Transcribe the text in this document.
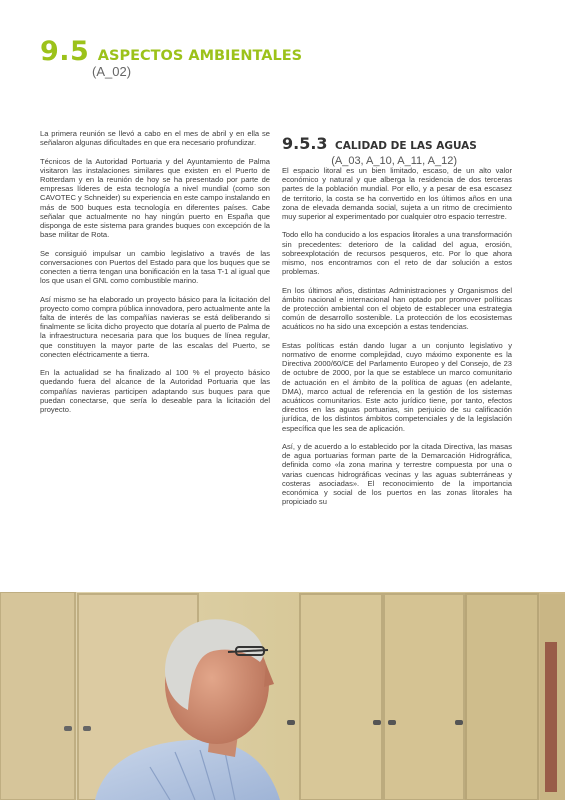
9.5 ASPECTOS AMBIENTALES
(A_02)

La primera reunión se llevó a cabo en el mes de abril y en ella se señalaron algunas dificultades en que era necesario profundizar.

Técnicos de la Autoridad Portuaria y del Ayuntamiento de Palma visitaron las instalaciones similares que existen en el Puerto de Rotterdam y en la reunión de hoy se ha presentado por parte de empresas líderes de esta tecnología a nivel mundial (como son CAVOTEC y Schneider) su experiencia en este campo instalando en más de 500 buques esta tecnología en diferentes países. Cabe señalar que actualmente no hay ningún puerto en España que disponga de este sistema para grandes buques con excepción de la base militar de Rota.

Se consiguió impulsar un cambio legislativo a través de las conversaciones con Puertos del Estado para que los buques que se conecten a tierra tengan una bonificación en la tasa T-1 al igual que los que usan el GNL como combustible marino.

Así mismo se ha elaborado un proyecto básico para la licitación del proyecto como compra pública innovadora, pero actualmente ante la falta de interés de las compañías navieras se está deliberando si finalmente se licita dicho proyecto que dotaría al puerto de Palma de la infraestructura necesaria para que los buques de línea regular, que constituyen la mayor parte de las escalas del Puerto, se conecten eléctricamente a tierra.

En la actualidad se ha finalizado al 100 % el proyecto básico quedando fuera del alcance de la Autoridad Portuaria que las compañías navieras participen adaptando sus buques para que puedan conectarse, que sería lo deseable para la licitación del proyecto.

9.5.3 CALIDAD DE LAS AGUAS
(A_03, A_10, A_11, A_12)

El espacio litoral es un bien limitado, escaso, de un alto valor económico y natural y que alberga la residencia de dos terceras partes de la población mundial. Por ello, y a pesar de esa escasez de territorio, la costa se ha convertido en los últimos años en una zona de elevada demanda social, sujeta a un ritmo de crecimiento muy superior al experimentado por cualquier otro espacio terrestre.

Todo ello ha conducido a los espacios litorales a una transformación sin precedentes: deterioro de la calidad del agua, erosión, sobreexplotación de recursos pesqueros, etc. Por lo que ahora mismo, nos encontramos con el reto de dar solución a estos problemas.

En los últimos años, distintas Administraciones y Organismos del ámbito nacional e internacional han optado por promover políticas de protección ambiental con el objeto de establecer una estrategia común de desarrollo sostenible. La protección de los ecosistemas acuáticos no ha sido una excepción a estas tendencias.

Estas políticas están dando lugar a un conjunto legislativo y normativo de enorme complejidad, cuyo máximo exponente es la Directiva 2000/60/CE del Parlamento Europeo y del Consejo, de 23 de octubre de 2000, por la que se establece un marco comunitario de actuación en el ámbito de la política de aguas (en adelante, DMA), marco actual de referencia en la gestión de los sistemas acuáticos comunitarios. Este acto jurídico tiene, por tanto, efectos directos en las aguas portuarias, sin perjuicio de su calificación jurídica, de los distintos ámbitos competenciales y de la legislación específica que les sea de aplicación.

Así, y de acuerdo a lo establecido por la citada Directiva, las masas de agua portuarias forman parte de la Demarcación Hidrográfica, definida como «la zona marina y terrestre compuesta por una o varias cuencas hidrográficas vecinas y las aguas subterráneas y costeras asociadas». El reconocimiento de la importancia económica y social de los puertos en las zonas litorales ha propiciado su
